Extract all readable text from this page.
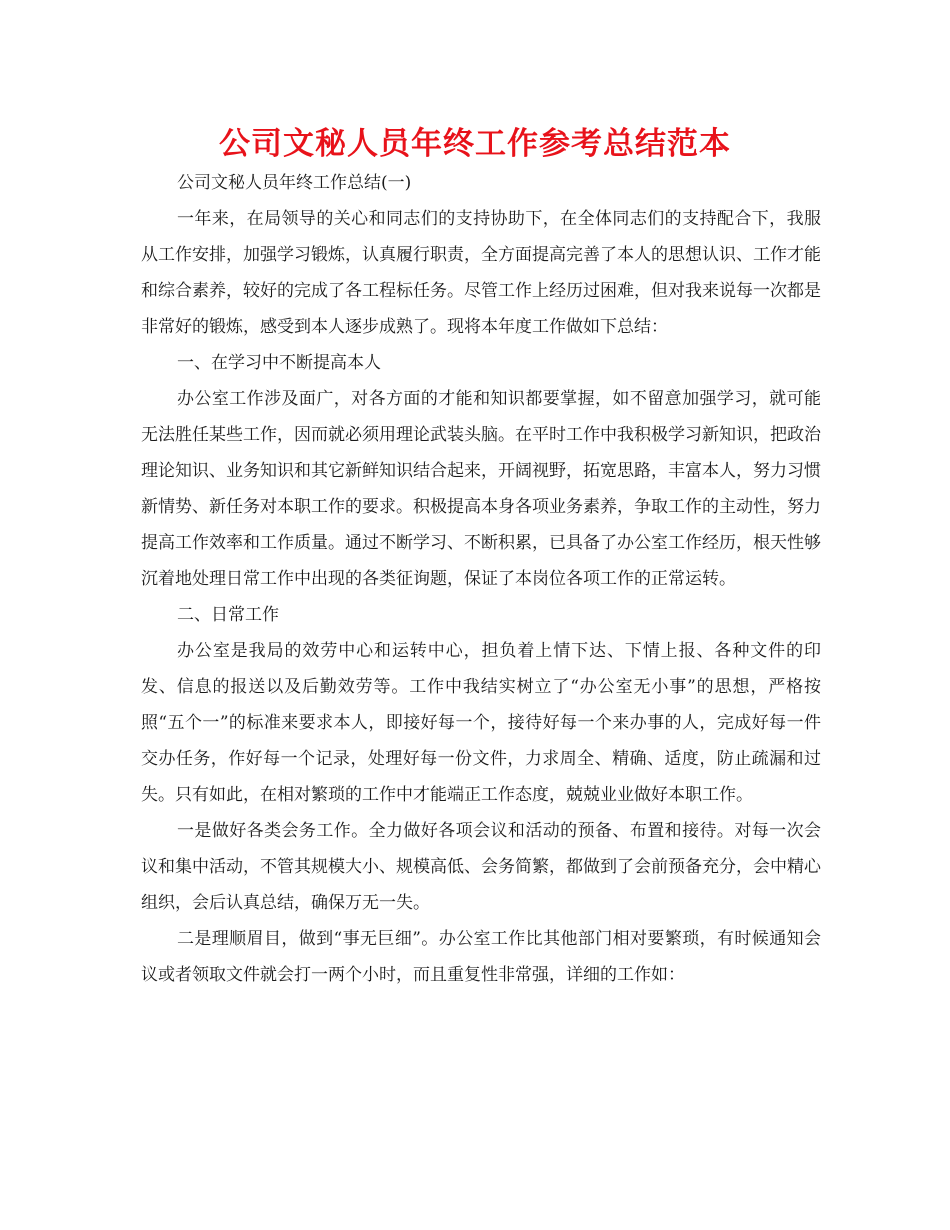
公司文秘人员年终工作参考总结范本

公司文秘人员年终工作总结(一)

一年来，在局领导的关心和同志们的支持协助下，在全体同志们的支持配合下，我服从工作安排，加强学习锻炼，认真履行职责，全方面提高完善了本人的思想认识、工作才能和综合素养，较好的完成了各工程标任务。尽管工作上经历过困难，但对我来说每一次都是非常好的锻炼，感受到本人逐步成熟了。现将本年度工作做如下总结：

一、在学习中不断提高本人

办公室工作涉及面广，对各方面的才能和知识都要掌握，如不留意加强学习，就可能无法胜任某些工作，因而就必须用理论武装头脑。在平时工作中我积极学习新知识，把政治理论知识、业务知识和其它新鲜知识结合起来，开阔视野，拓宽思路，丰富本人，努力习惯新情势、新任务对本职工作的要求。积极提高本身各项业务素养，争取工作的主动性，努力提高工作效率和工作质量。通过不断学习、不断积累，已具备了办公室工作经历，根天性够沉着地处理日常工作中出现的各类征询题，保证了本岗位各项工作的正常运转。

二、日常工作

办公室是我局的效劳中心和运转中心，担负着上情下达、下情上报、各种文件的印发、信息的报送以及后勤效劳等。工作中我结实树立了“办公室无小事”的思想，严格按照“五个一”的标准来要求本人，即接好每一个，接待好每一个来办事的人，完成好每一件交办任务，作好每一个记录，处理好每一份文件，力求周全、精确、适度，防止疏漏和过失。只有如此，在相对繁琐的工作中才能端正工作态度，兢兢业业做好本职工作。

一是做好各类会务工作。全力做好各项会议和活动的预备、布置和接待。对每一次会议和集中活动，不管其规模大小、规模高低、会务简繁，都做到了会前预备充分，会中精心组织，会后认真总结，确保万无一失。

二是理顺眉目，做到“事无巨细”。办公室工作比其他部门相对要繁琐，有时候通知会议或者领取文件就会打一两个小时，而且重复性非常强，详细的工作如：
